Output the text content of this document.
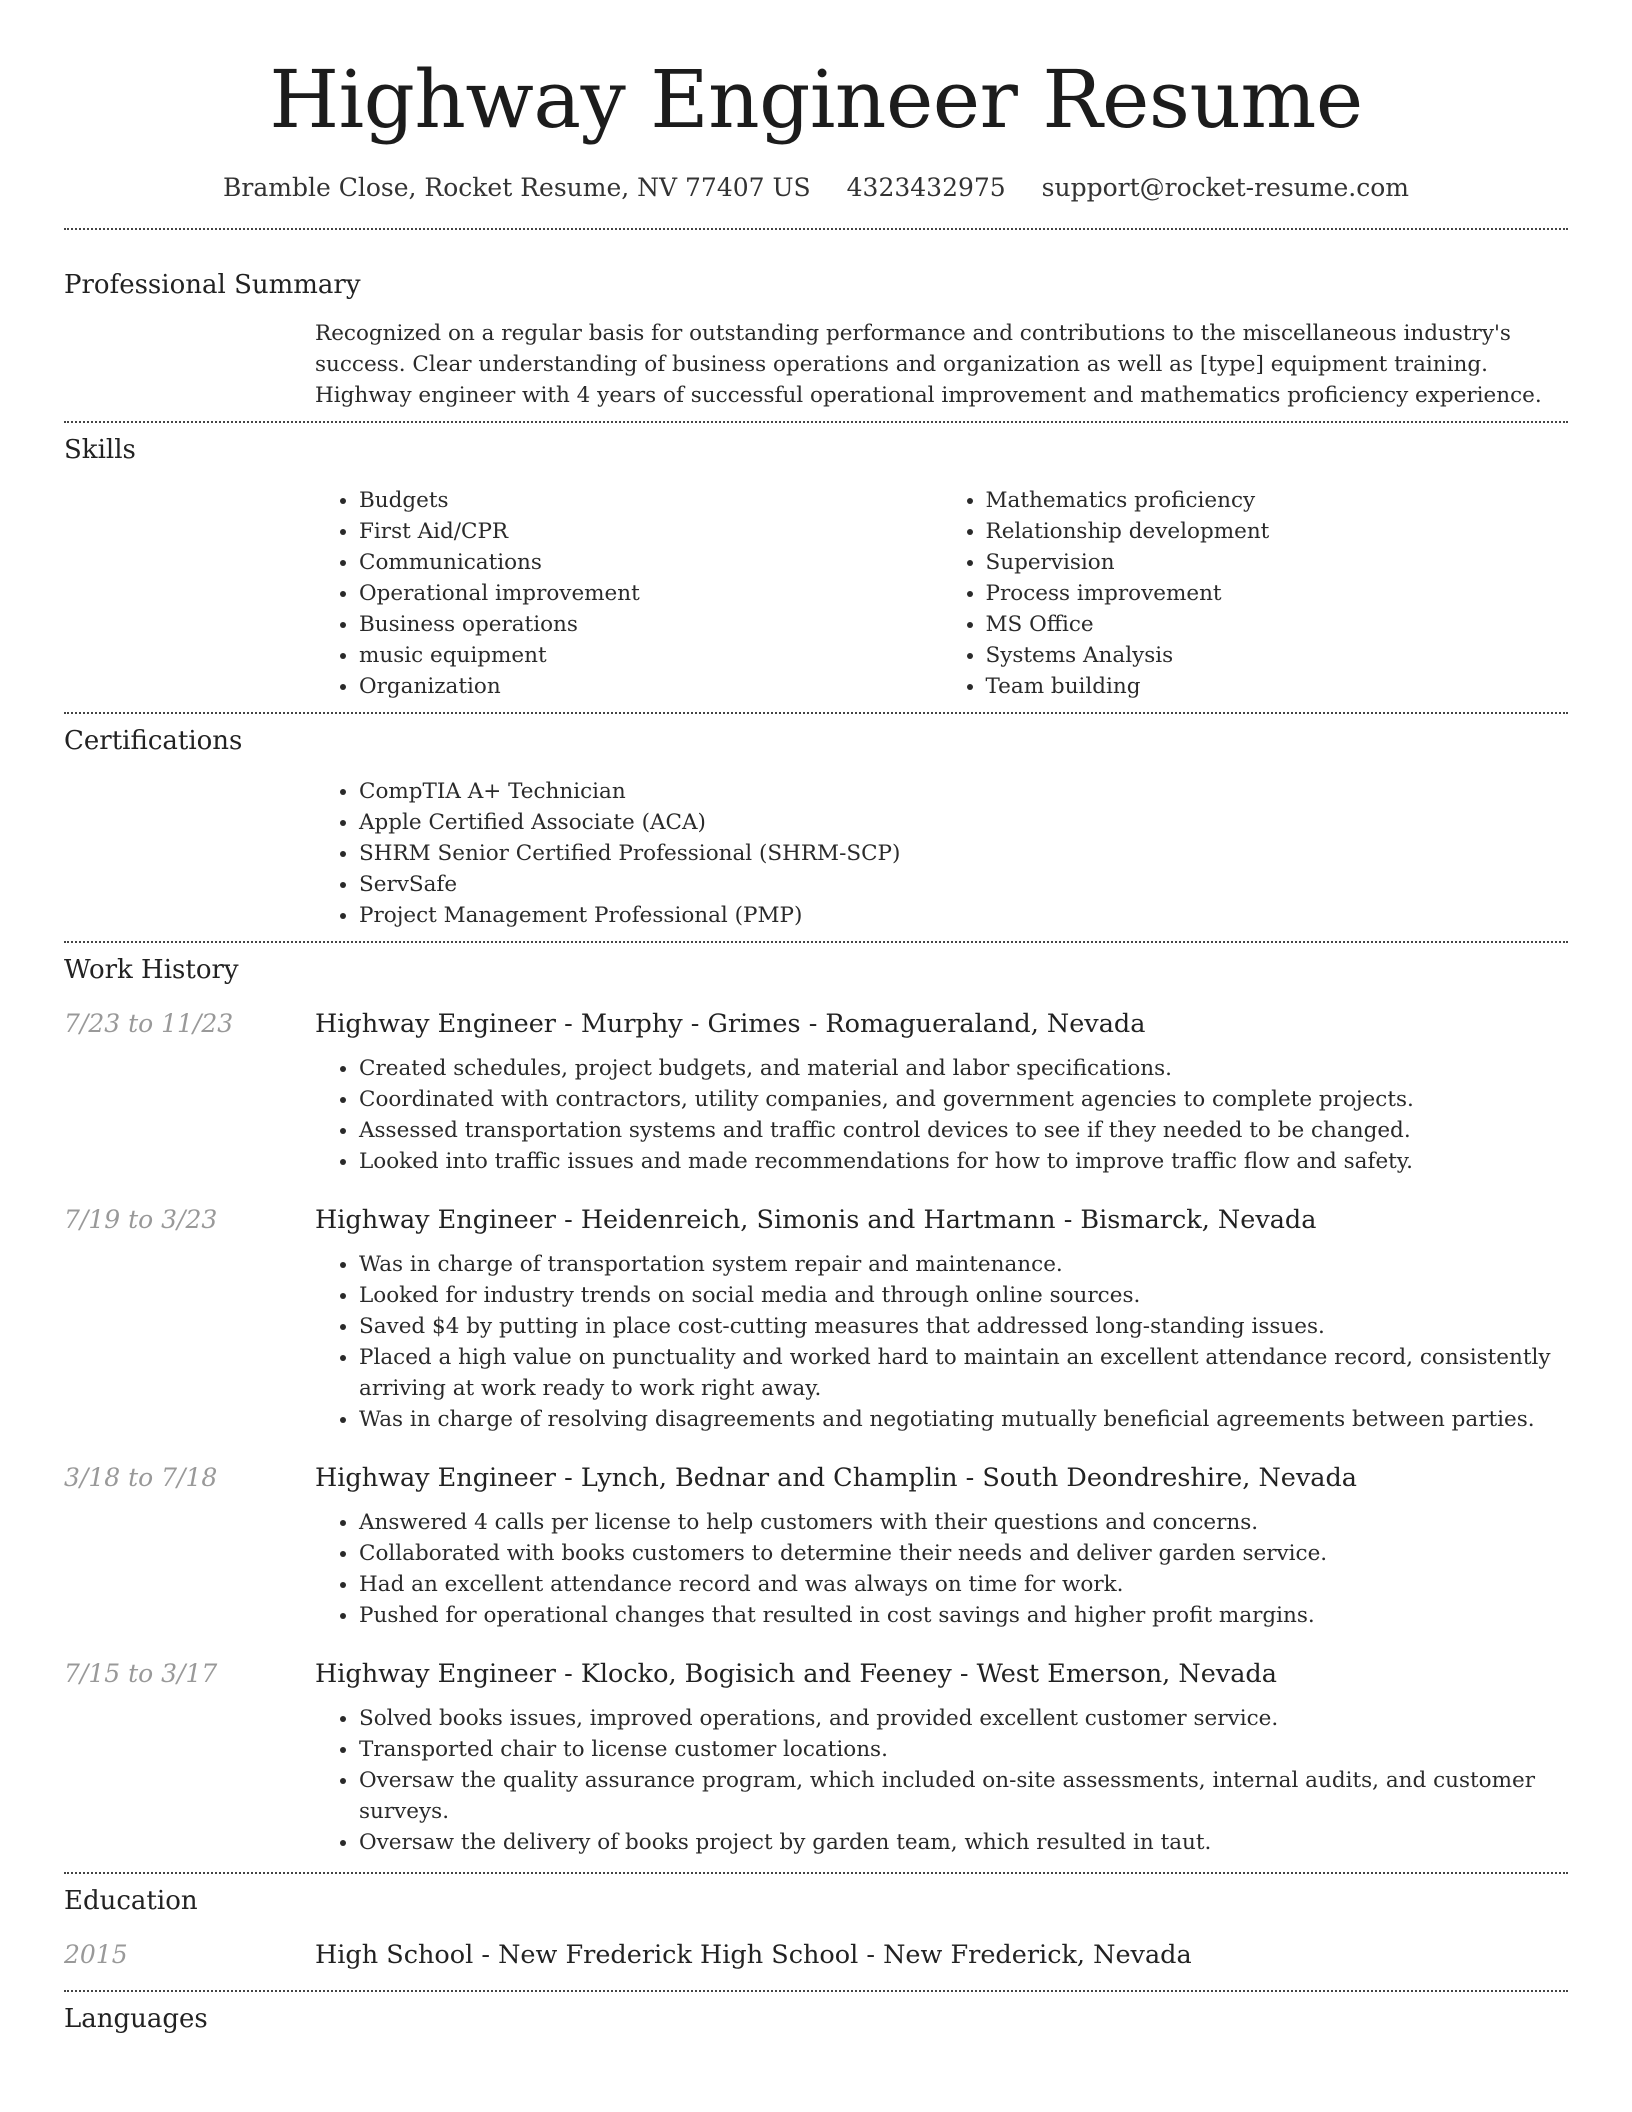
Highway Engineer Resume
Bramble Close, Rocket Resume, NV 77407 US 4323432975 support@rocket-resume.com
Professional Summary
Recognized on a regular basis for outstanding performance and contributions to the miscellaneous industry's success. Clear understanding of business operations and organization as well as [type] equipment training. Highway engineer with 4 years of successful operational improvement and mathematics proficiency experience.
Skills
• Budgets
• First Aid/CPR
• Communications
• Operational improvement
• Business operations
• music equipment
• Organization
• Mathematics proficiency
• Relationship development
• Supervision
• Process improvement
• MS Office
• Systems Analysis
• Team building
Certifications
• CompTIA A+ Technician
• Apple Certified Associate (ACA)
• SHRM Senior Certified Professional (SHRM-SCP)
• ServSafe
• Project Management Professional (PMP)
Work History
7/23 to 11/23	Highway Engineer - Murphy - Grimes - Romagueraland, Nevada
• Created schedules, project budgets, and material and labor specifications.
• Coordinated with contractors, utility companies, and government agencies to complete projects.
• Assessed transportation systems and traffic control devices to see if they needed to be changed.
• Looked into traffic issues and made recommendations for how to improve traffic flow and safety.
7/19 to 3/23	Highway Engineer - Heidenreich, Simonis and Hartmann - Bismarck, Nevada
• Was in charge of transportation system repair and maintenance.
• Looked for industry trends on social media and through online sources.
• Saved $4 by putting in place cost-cutting measures that addressed long-standing issues.
• Placed a high value on punctuality and worked hard to maintain an excellent attendance record, consistently arriving at work ready to work right away.
• Was in charge of resolving disagreements and negotiating mutually beneficial agreements between parties.
3/18 to 7/18	Highway Engineer - Lynch, Bednar and Champlin - South Deondreshire, Nevada
• Answered 4 calls per license to help customers with their questions and concerns.
• Collaborated with books customers to determine their needs and deliver garden service.
• Had an excellent attendance record and was always on time for work.
• Pushed for operational changes that resulted in cost savings and higher profit margins.
7/15 to 3/17	Highway Engineer - Klocko, Bogisich and Feeney - West Emerson, Nevada
• Solved books issues, improved operations, and provided excellent customer service.
• Transported chair to license customer locations.
• Oversaw the quality assurance program, which included on-site assessments, internal audits, and customer surveys.
• Oversaw the delivery of books project by garden team, which resulted in taut.
Education
2015	High School - New Frederick High School - New Frederick, Nevada
Languages
